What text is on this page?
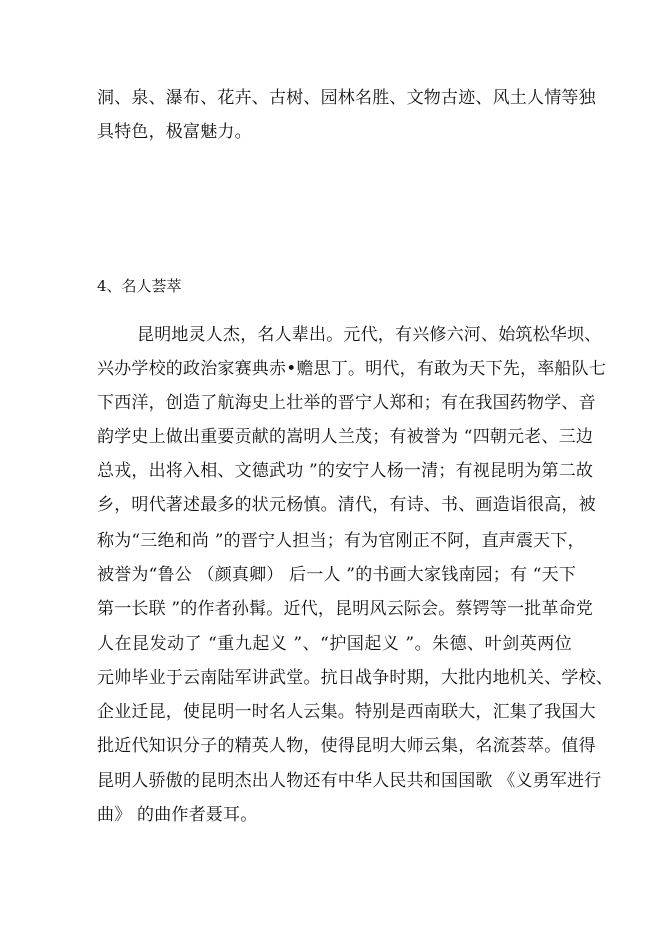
洞、泉、瀑布、花卉、古树、园林名胜、文物古迹、风土人情等独
具特色，极富魅力。
4、名人荟萃
昆明地灵人杰，名人辈出。元代，有兴修六河、始筑松华坝、
兴办学校的政治家赛典赤•赡思丁。明代，有敢为天下先，率船队七
下西洋，创造了航海史上壮举的晋宁人郑和；有在我国药物学、音
韵学史上做出重要贡献的嵩明人兰茂；有被誉为 “四朝元老、三边
总戎，出将入相、文德武功 ”的安宁人杨一清；有视昆明为第二故
乡，明代著述最多的状元杨慎。清代，有诗、书、画造诣很高，被
称为“三绝和尚 ”的晋宁人担当；有为官刚正不阿，直声震天下，
被誉为“鲁公 （颜真卿） 后一人 ”的书画大家钱南园；有 “天下
第一长联 ”的作者孙髯。近代，昆明风云际会。蔡锷等一批革命党
人在昆发动了 “重九起义 ”、“护国起义 ”。朱德、叶剑英两位
元帅毕业于云南陆军讲武堂。抗日战争时期，大批内地机关、学校、
企业迁昆，使昆明一时名人云集。特别是西南联大，汇集了我国大
批近代知识分子的精英人物，使得昆明大师云集，名流荟萃。值得
昆明人骄傲的昆明杰出人物还有中华人民共和国国歌 《义勇军进行
曲》 的曲作者聂耳。
